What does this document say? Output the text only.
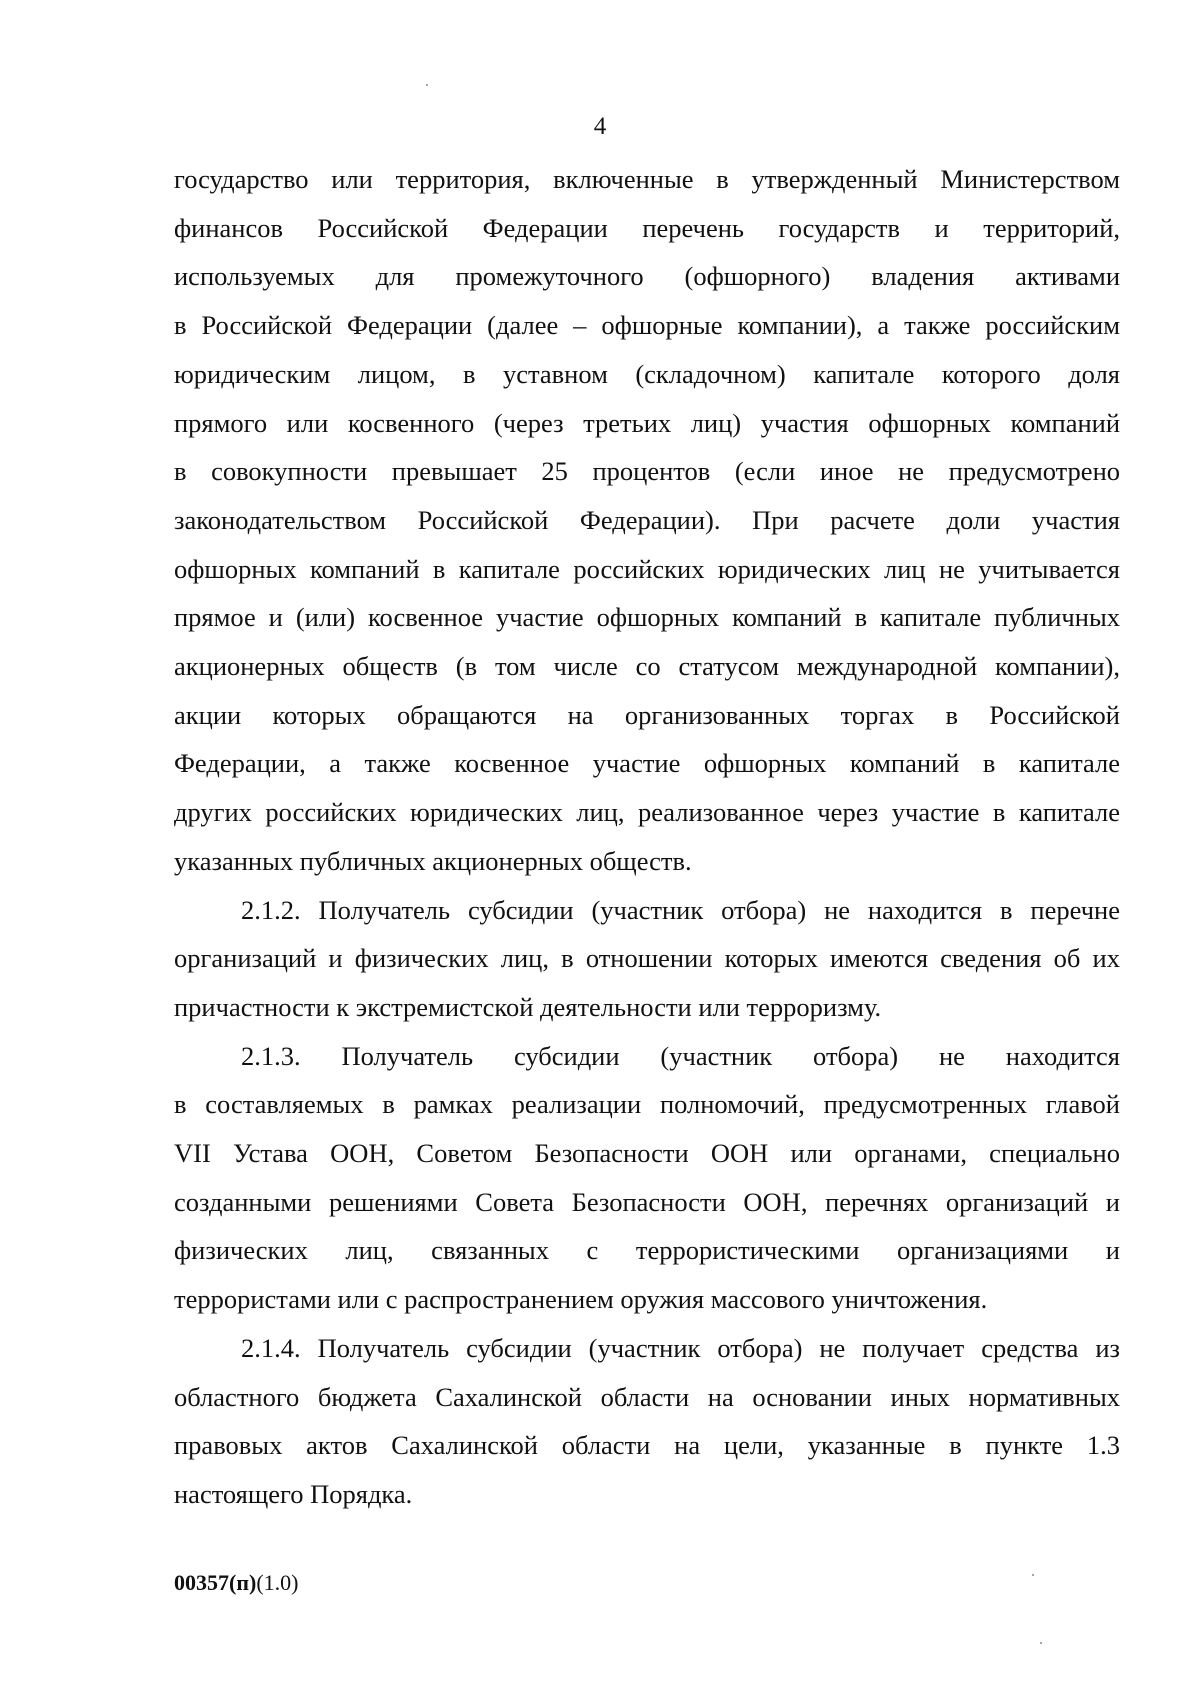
4
государство или территория, включенные в утвержденный Министерством
финансов Российской Федерации перечень государств и территорий,
используемых для промежуточного (офшорного) владения активами
в Российской Федерации (далее – офшорные компании), а также российским
юридическим лицом, в уставном (складочном) капитале которого доля
прямого или косвенного (через третьих лиц) участия офшорных компаний
в совокупности превышает 25 процентов (если иное не предусмотрено
законодательством Российской Федерации). При расчете доли участия
офшорных компаний в капитале российских юридических лиц не учитывается
прямое и (или) косвенное участие офшорных компаний в капитале публичных
акционерных обществ (в том числе со статусом международной компании),
акции которых обращаются на организованных торгах в Российской
Федерации, а также косвенное участие офшорных компаний в капитале
других российских юридических лиц, реализованное через участие в капитале
указанных публичных акционерных обществ.
2.1.2. Получатель субсидии (участник отбора) не находится в перечне
организаций и физических лиц, в отношении которых имеются сведения об их
причастности к экстремистской деятельности или терроризму.
2.1.3. Получатель субсидии (участник отбора) не находится
в составляемых в рамках реализации полномочий, предусмотренных главой
VII Устава ООН, Советом Безопасности ООН или органами, специально
созданными решениями Совета Безопасности ООН, перечнях организаций и
физических лиц, связанных с террористическими организациями и
террористами или с распространением оружия массового уничтожения.
2.1.4. Получатель субсидии (участник отбора) не получает средства из
областного бюджета Сахалинской области на основании иных нормативных
правовых актов Сахалинской области на цели, указанные в пункте 1.3
настоящего Порядка.
00357(п)(1.0)
